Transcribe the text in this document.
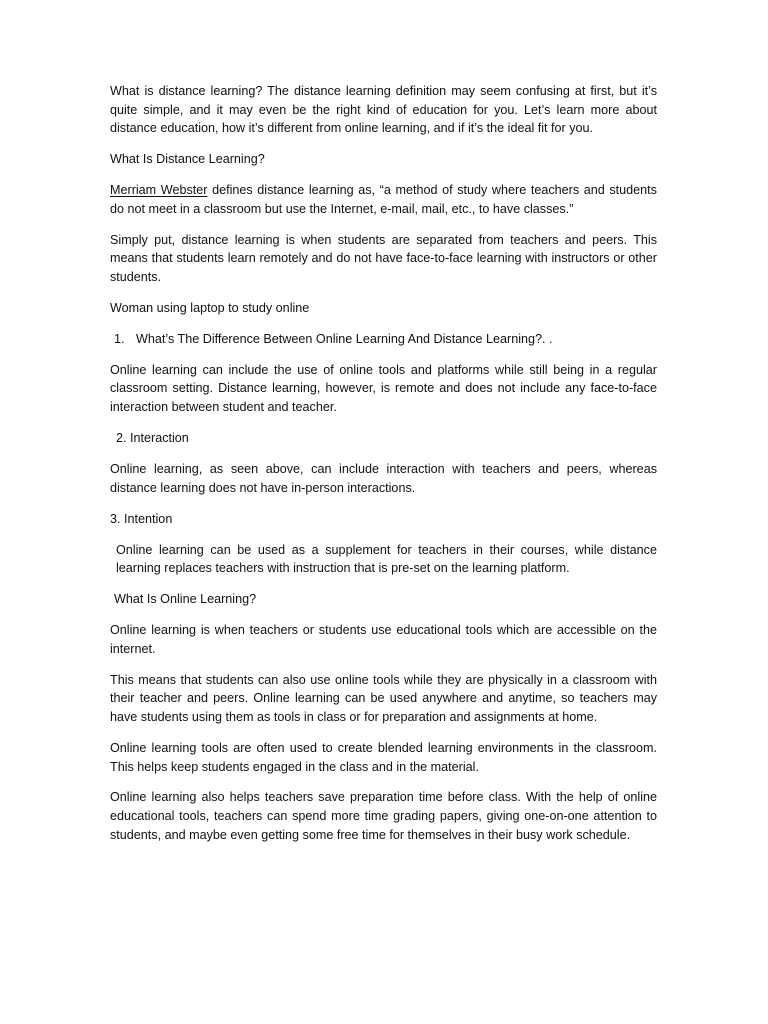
What is distance learning? The distance learning definition may seem confusing at first, but it’s quite simple, and it may even be the right kind of education for you. Let’s learn more about distance education, how it’s different from online learning, and if it’s the ideal fit for you.

What Is Distance Learning?

Merriam Webster defines distance learning as, “a method of study where teachers and students do not meet in a classroom but use the Internet, e-mail, mail, etc., to have classes.”

Simply put, distance learning is when students are separated from teachers and peers. This means that students learn remotely and do not have face-to-face learning with instructors or other students.

Woman using laptop to study online

1. What’s The Difference Between Online Learning And Distance Learning?. .

Online learning can include the use of online tools and platforms while still being in a regular classroom setting. Distance learning, however, is remote and does not include any face-to-face interaction between student and teacher.

2. Interaction

Online learning, as seen above, can include interaction with teachers and peers, whereas distance learning does not have in-person interactions.

3. Intention

Online learning can be used as a supplement for teachers in their courses, while distance learning replaces teachers with instruction that is pre-set on the learning platform.

What Is Online Learning?

Online learning is when teachers or students use educational tools which are accessible on the internet.

This means that students can also use online tools while they are physically in a classroom with their teacher and peers. Online learning can be used anywhere and anytime, so teachers may have students using them as tools in class or for preparation and assignments at home.

Online learning tools are often used to create blended learning environments in the classroom. This helps keep students engaged in the class and in the material.

Online learning also helps teachers save preparation time before class. With the help of online educational tools, teachers can spend more time grading papers, giving one-on-one attention to students, and maybe even getting some free time for themselves in their busy work schedule.
